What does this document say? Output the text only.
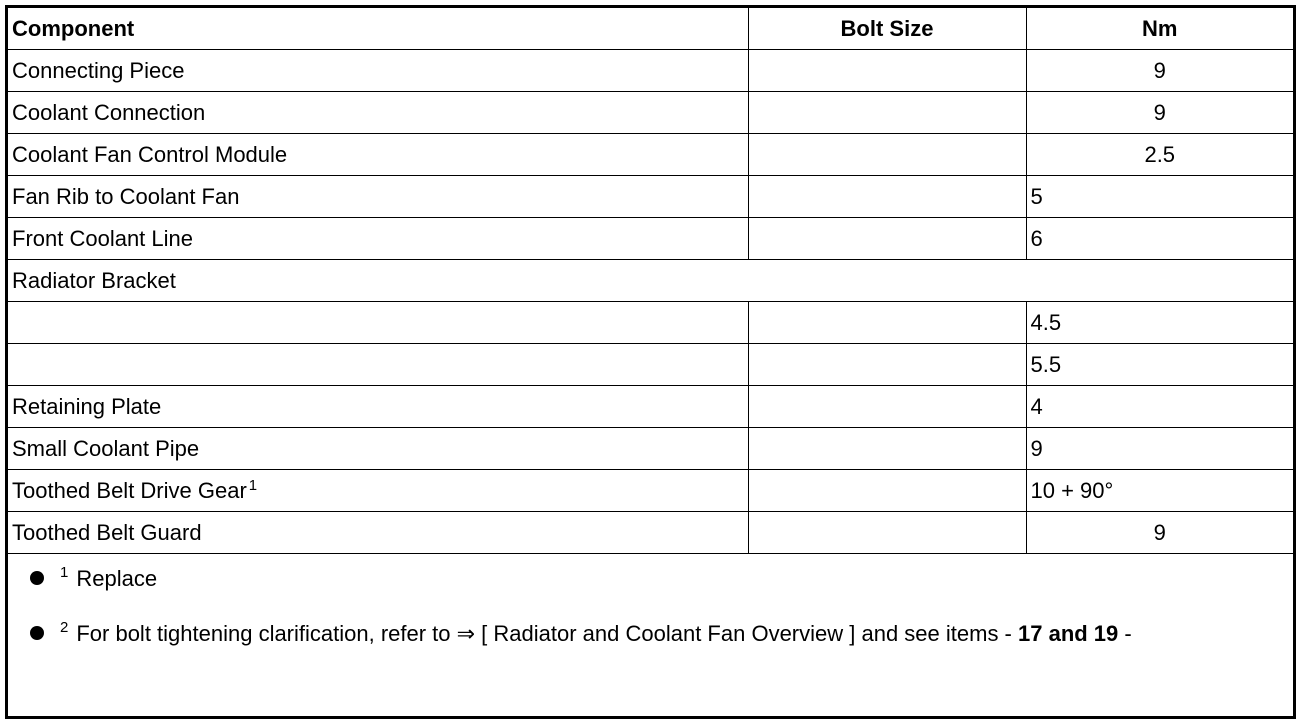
Component	Bolt Size	Nm
Connecting Piece		9
Coolant Connection		9
Coolant Fan Control Module		2.5
Fan Rib to Coolant Fan		5
Front Coolant Line		6
Radiator Bracket		
		4.5
		5.5
Retaining Plate		4
Small Coolant Pipe		9
Toothed Belt Drive Gear $^1$		10 + 90°
Toothed Belt Guard		9
$^1$ Replace
$^2$ For bolt tightening clarification, refer to ⇒ [ Radiator and Coolant Fan Overview ] and see items - 17 and 19 -
